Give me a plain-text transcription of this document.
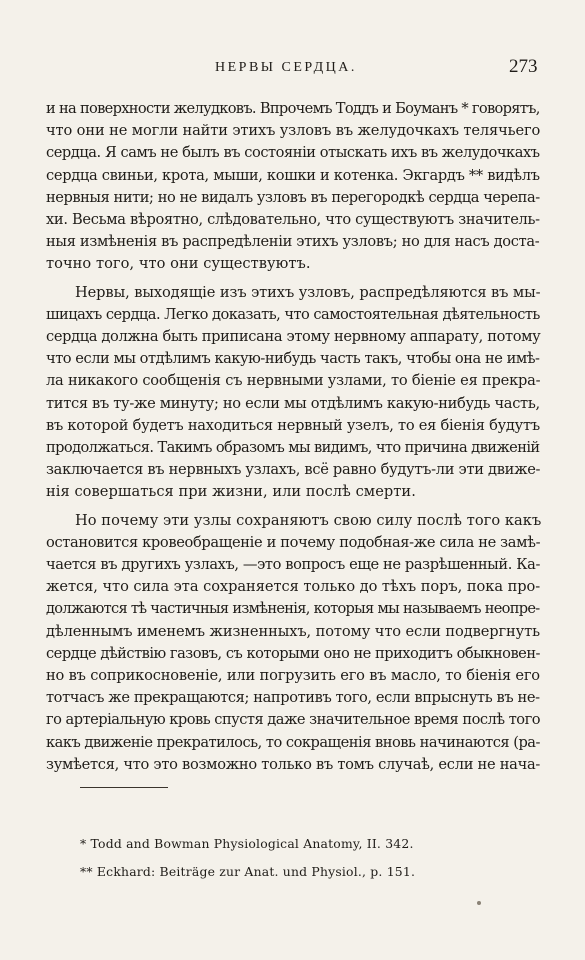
НЕРВЫ СЕРДЦА.	273
и на поверхности желудковъ. Впрочемъ Тоддъ и Боуманъ * говорятъ,
что они не могли найти этихъ узловъ въ желудочкахъ телячьего
сердца. Я самъ не былъ въ состояніи отыскать ихъ въ желудочкахъ
сердца свиньи, крота, мыши, кошки и котенка. Экгардъ ** видѣлъ
нервныя нити; но не видалъ узловъ въ перегородкѣ сердца черепа-
хи. Весьма вѣроятно, слѣдовательно, что существуютъ значитель-
ныя измѣненія въ распредѣленіи этихъ узловъ; но для насъ доста-
точно того, что они существуютъ.
Нервы, выходящіе изъ этихъ узловъ, распредѣляются въ мы-
шицахъ сердца. Легко доказать, что самостоятельная дѣятельность
сердца должна быть приписана этому нервному аппарату, потому
что если мы отдѣлимъ какую-нибудь часть такъ, чтобы она не имѣ-
ла никакого сообщенія съ нервными узлами, то біеніе ея прекра-
тится въ ту-же минуту; но если мы отдѣлимъ какую-нибудь часть,
въ которой будетъ находиться нервный узелъ, то ея біенія будутъ
продолжаться. Такимъ образомъ мы видимъ, что причина движеній
заключается въ нервныхъ узлахъ, всё равно будутъ-ли эти движе-
нія совершаться при жизни, или послѣ смерти.
Но почему эти узлы сохраняютъ свою силу послѣ того какъ
остановится кровеобращеніе и почему подобная-же сила не замѣ-
чается въ другихъ узлахъ, —это вопросъ еще не разрѣшенный. Ка-
жется, что сила эта сохраняется только до тѣхъ поръ, пока про-
должаются тѣ частичныя измѣненія, которыя мы называемъ неопре-
дѣленнымъ именемъ жизненныхъ, потому что если подвергнуть
сердце дѣйствію газовъ, съ которыми оно не приходитъ обыкновен-
но въ соприкосновеніе, или погрузить его въ масло, то біенія его
тотчасъ же прекращаются; напротивъ того, если впрыснуть въ не-
го артеріальную кровь спустя даже значительное время послѣ того
какъ движеніе прекратилось, то сокращенія вновь начинаются (ра-
зумѣется, что это возможно только въ томъ случаѣ, если не нача-
* Todd and Bowman Physiological Anatomy, II. 342.
** Eckhard: Beiträge zur Anat. und Physiol., p. 151.
